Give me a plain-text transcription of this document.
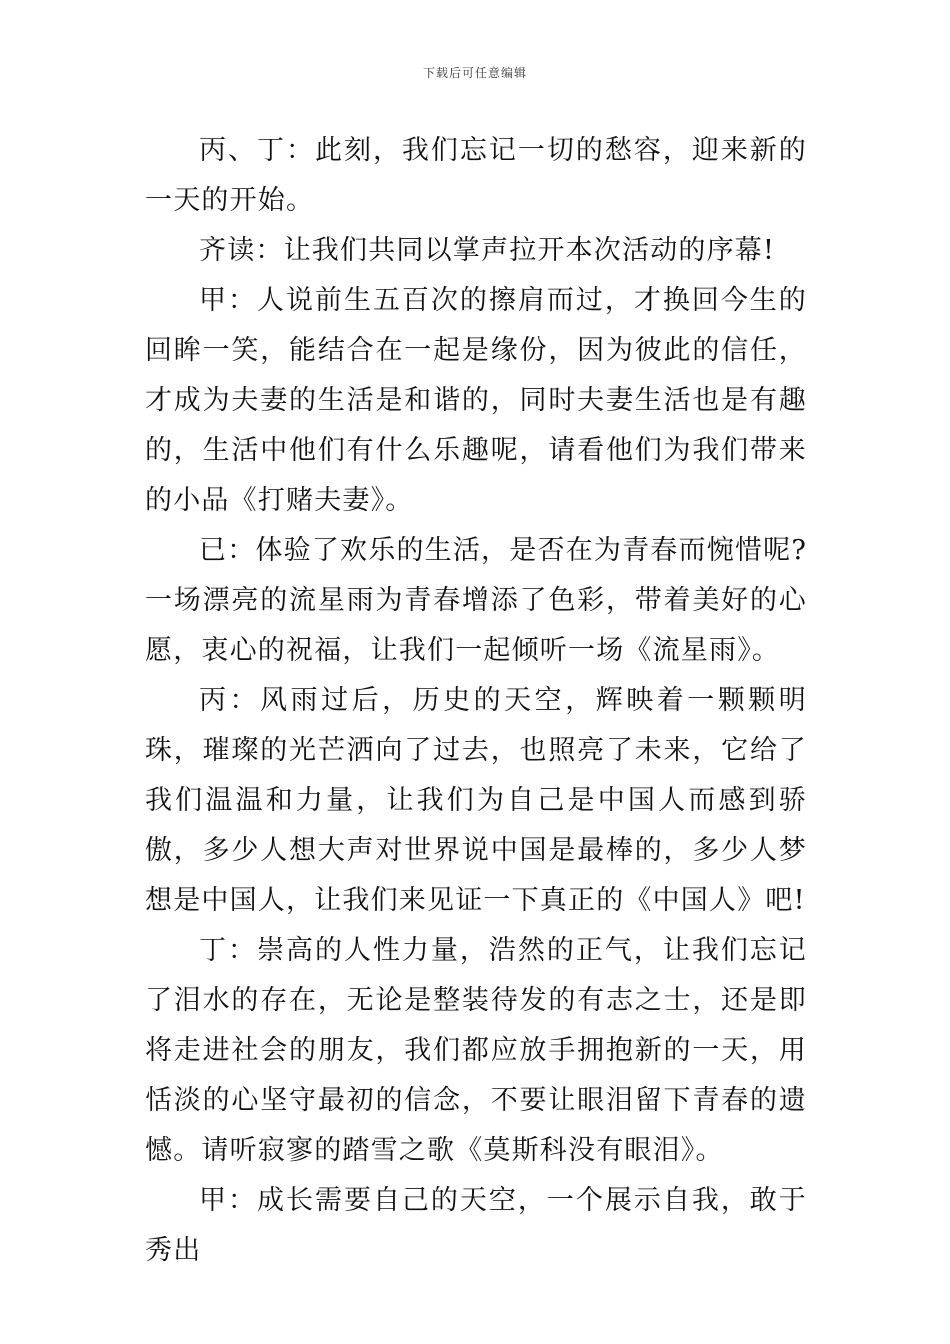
下载后可任意编辑

丙、丁：此刻，我们忘记一切的愁容，迎来新的一天的开始。

齐读：让我们共同以掌声拉开本次活动的序幕!

甲：人说前生五百次的擦肩而过，才换回今生的回眸一笑，能结合在一起是缘份，因为彼此的信任，才成为夫妻的生活是和谐的，同时夫妻生活也是有趣的，生活中他们有什么乐趣呢，请看他们为我们带来的小品《打赌夫妻》。

已：体验了欢乐的生活，是否在为青春而惋惜呢?一场漂亮的流星雨为青春增添了色彩，带着美好的心愿，衷心的祝福，让我们一起倾听一场《流星雨》。

丙：风雨过后，历史的天空，辉映着一颗颗明珠，璀璨的光芒洒向了过去，也照亮了未来，它给了我们温温和力量，让我们为自己是中国人而感到骄傲，多少人想大声对世界说中国是最棒的，多少人梦想是中国人，让我们来见证一下真正的《中国人》吧!

丁：崇高的人性力量，浩然的正气，让我们忘记了泪水的存在，无论是整装待发的有志之士，还是即将走进社会的朋友，我们都应放手拥抱新的一天，用恬淡的心坚守最初的信念，不要让眼泪留下青春的遗憾。请听寂寥的踏雪之歌《莫斯科没有眼泪》。

甲：成长需要自己的天空，一个展示自我，敢于秀出
